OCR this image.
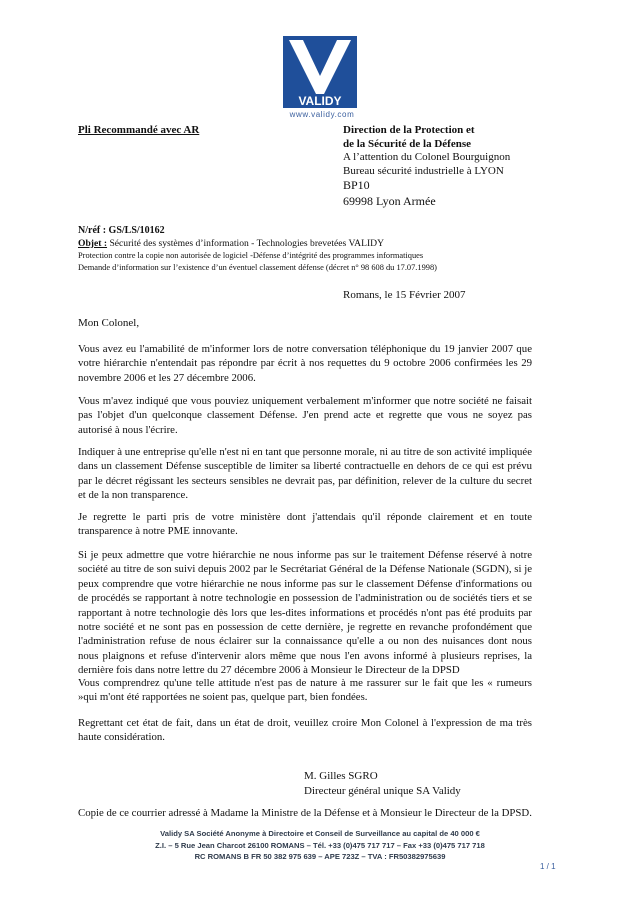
VALIDY
www.validy.com
Pli Recommandé avec AR	Direction de la Protection et
de la Sécurité de la Défense
A l’attention du Colonel Bourguignon
Bureau sécurité industrielle à LYON
BP10
69998 Lyon Armée
N/réf : GS/LS/10162
Objet : Sécurité des systèmes d’information - Technologies brevetées VALIDY
Protection contre la copie non autorisée de logiciel -Défense d’intégrité des programmes informatiques
Demande d’information sur l’existence d’un éventuel classement défense (décret n° 98 608 du 17.07.1998)
Romans, le 15 Février 2007
Mon Colonel,
Vous avez eu l'amabilité de m'informer lors de notre conversation téléphonique du 19 janvier 2007 que votre hiérarchie n'entendait pas répondre par écrit à nos requettes du 9 octobre 2006 confirmées les 29 novembre 2006 et les 27 décembre 2006.
Vous m'avez indiqué que vous pouviez uniquement verbalement m'informer que notre société ne faisait pas l'objet d'un quelconque classement Défense. J'en prend acte et regrette que vous ne soyez pas autorisé à nous l'écrire.
Indiquer à une entreprise qu'elle n'est ni en tant que personne morale, ni au titre de son activité impliquée dans un classement Défense susceptible de limiter sa liberté contractuelle en dehors de ce qui est prévu par le décret régissant les secteurs sensibles ne devrait pas, par définition, relever de la culture du secret et de la non transparence.
Je regrette le parti pris de votre ministère dont j'attendais qu'il réponde clairement et en toute transparence à notre PME innovante.
Si je peux admettre que votre hiérarchie ne nous informe pas sur le traitement Défense réservé à notre société au titre de son suivi depuis 2002 par le Secrétariat Général de la Défense Nationale (SGDN), si je peux comprendre que votre hiérarchie ne nous informe pas sur le classement Défense d'informations ou de procédés se rapportant à notre technologie en possession de l'administration ou de sociétés tiers et se rapportant à notre technologie dès lors que les-dites informations et procédés n'ont pas été produits par notre société et ne sont pas en possession de cette dernière, je regrette en revanche profondément que l'administration refuse de nous éclairer sur la connaissance qu'elle a ou non des nuisances dont nous nous plaignons et refuse d'intervenir alors même que nous l'en avons informé à plusieurs reprises, la dernière fois dans notre lettre du 27 décembre 2006 à Monsieur le Directeur de la DPSD
Vous comprendrez qu'une telle attitude n'est pas de nature à me rassurer sur le fait que les « rumeurs »qui m'ont été rapportées ne soient pas, quelque part, bien fondées.
Regrettant cet état de fait, dans un état de droit, veuillez croire Mon Colonel à l'expression de ma très haute considération.
M. Gilles SGRO
Directeur général unique SA Validy
Copie de ce courrier adressé à Madame la Ministre de la Défense et à Monsieur le Directeur de la DPSD.
Validy SA Société Anonyme à Directoire et Conseil de Surveillance au capital de 40 000 €
Z.I. – 5 Rue Jean Charcot 26100 ROMANS – Tél. +33 (0)475 717 717 – Fax +33 (0)475 717 718
RC ROMANS B FR 50 382 975 639 – APE 723Z – TVA : FR50382975639
1 / 1
